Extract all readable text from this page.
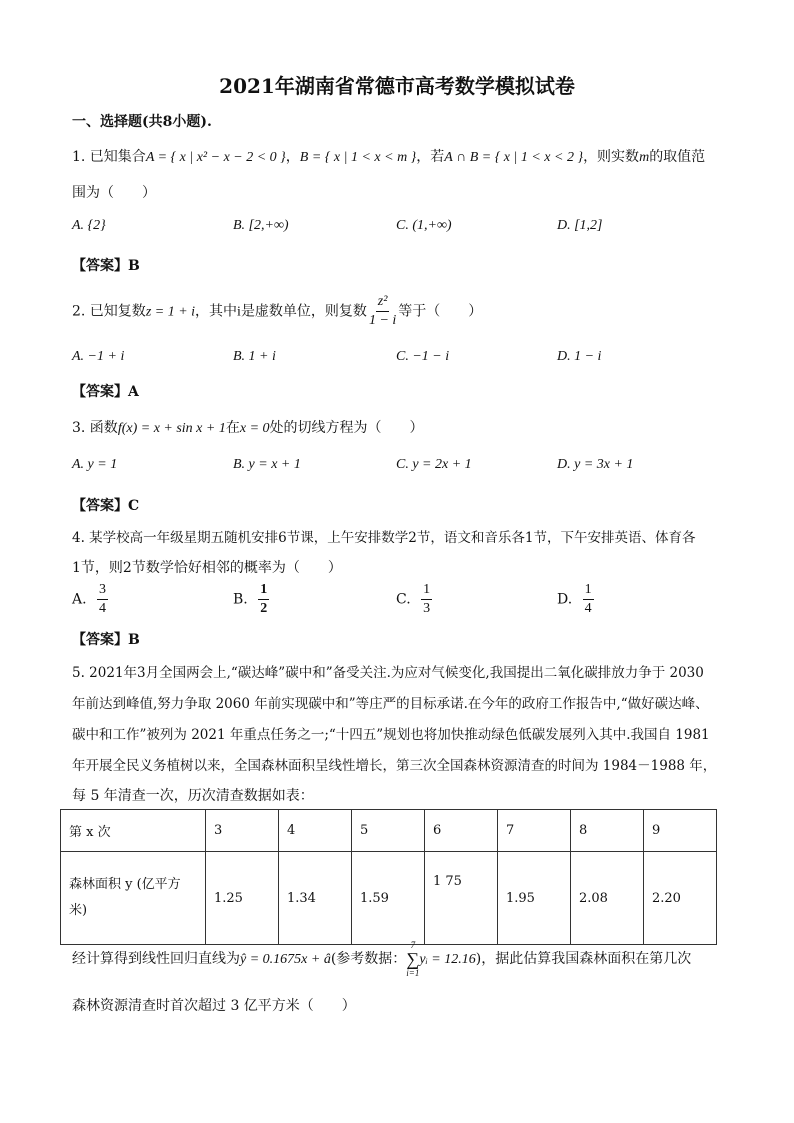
2021年湖南省常德市高考数学模拟试卷
一、选择题(共8小题).
1. 已知集合A = { x | x² − x − 2 < 0 }，B = { x | 1 < x < m }，若A ∩ B = { x | 1 < x < 2 }，则实数m的取值范
围为（　　）
A. {2}	B. [2,+∞)	C. (1,+∞)	D. [1,2]
【答案】B
2. 已知复数z = 1 + i，其中i是虚数单位，则复数 $\frac{\text{z²}}{1 - i}$ 等于（　　）
A. −1 + i	B. 1 + i	C. −1 − i	D. 1 − i
【答案】A
3. 函数f(x) = x + sin x + 1在x = 0处的切线方程为（　　）
A. y = 1	B. y = x + 1	C. y = 2x + 1	D. y = 3x + 1
【答案】C
4. 某学校高一年级星期五随机安排6节课，上午安排数学2节，语文和音乐各1节，下午安排英语、体育各
1节，则2节数学恰好相邻的概率为（　　）
A. $\frac{3}{4}$	B. $\frac{1}{2}$	C. $\frac{1}{3}$	D. $\frac{1}{4}$
【答案】B
5. 2021年3月全国两会上,“碳达峰”碳中和”备受关注.为应对气候变化,我国提出二氧化碳排放力争于 2030
年前达到峰值,努力争取 2060 年前实现碳中和”等庄严的目标承诺.在今年的政府工作报告中,“做好碳达峰、
碳中和工作”被列为 2021 年重点任务之一;“十四五”规划也将加快推动绿色低碳发展列入其中.我国自 1981
年开展全民义务植树以来，全国森林面积呈线性增长，第三次全国森林资源清查的时间为 1984－1988 年，
每 5 年清查一次，历次清查数据如表：
第 x 次	3	4	5	6	7	8	9
森林面积 y (亿平方米)	1.25	1.34	1.59	1 75	1.95	2.08	2.20
经计算得到线性回归直线为ŷ = 0.1675x + â(参考数据：
7
∑
i=1
yᵢ = 12.16)，据此估算我国森林面积在第几次
森林资源清查时首次超过 3 亿平方米（　　）
